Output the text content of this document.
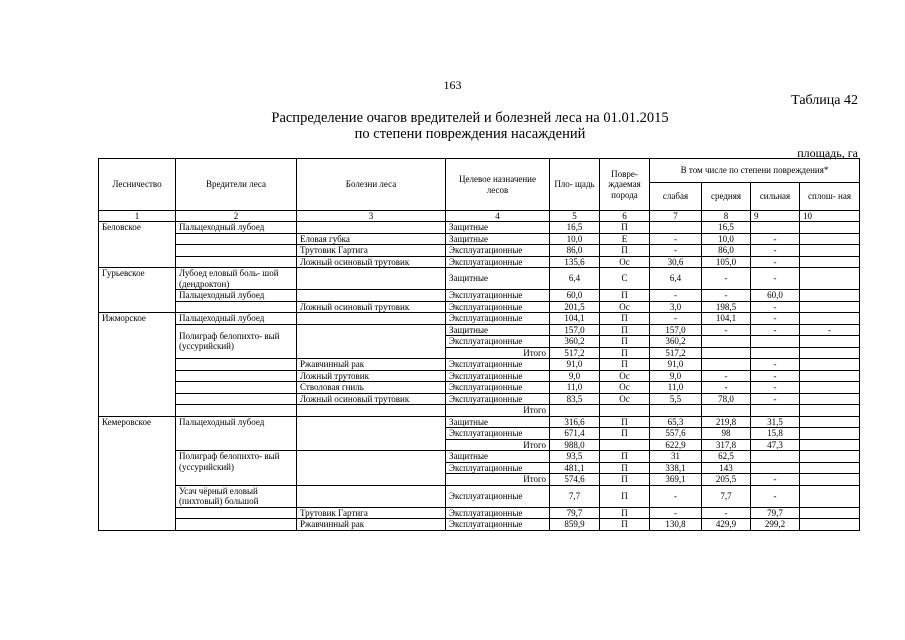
163
Таблица 42
Распределение очагов вредителей и болезней леса на 01.01.2015
по степени повреждения насаждений
площадь, га
Лесничество	Вредители леса	Болезни леса	Целевое назначение лесов	Пло- щадь	Повре- ждаемая порода	В том числе по степени повреждения*			
						слабая	средняя	сильная	сплош- ная
1	2	3	4	5	6	7	8	9	10
Беловское	Пальцеходный лубоед		Защитные	16,5	П		16,5		
		Еловая губка	Защитные	10,0	Е	-	10,0	-	
		Трутовик Гартига	Эксплуатационные	86,0	П	-	86,0	-	
		Ложный осиновый трутовик	Эксплуатационные	135,6	Ос	30,6	105,0	-	
Гурьевское	Лубоед еловый боль- шой (дендроктон)		Защитные	6,4	С	6,4	-	-	
	Пальцеходный лубоед		Эксплуатационные	60,0	П	-	-	60,0	
		Ложный осиновый трутовик	Эксплуатационные	201,5	Ос	3,0	198,5	-	
Ижморское	Пальцеходный лубоед		Эксплуатационные	104,1	П	-	104,1	-	
	Полиграф белопихто- вый (уссурийский)		Защитные	157,0	П	157,0	-	-	-
			Эксплуатационные	360,2	П	360,2			
			Итого	517,2	П	517,2			
		Ржавчинный рак	Эксплуатационные	91,0	П	91,0		-	
		Ложный трутовик	Эксплуатационные	9,0	Ос	9,0	-	-	
		Стволовая гниль	Эксплуатационные	11,0	Ос	11,0	-	-	
		Ложный осиновый трутовик	Эксплуатационные	83,5	Ос	5,5	78,0	-	
			Итого						
Кемеровское	Пальцеходный лубоед		Защитные	316,6	П	65,3	219,8	31,5	
			Эксплуатационные	671,4	П	557,6	98	15,8	
			Итого	988,0		622,9	317,8	47,3	
	Полиграф белопихто- вый (уссурийский)		Защитные	93,5	П	31	62,5		
			Эксплуатационные	481,1	П	338,1	143		
			Итого	574,6	П	369,1	205,5	-	
	Усач чёрный еловый (пихтовый) большой		Эксплуатационные	7,7	П	-	7,7	-	
		Трутовик Гартига	Эксплуатационные	79,7	П	-	-	79,7	
		Ржавчинный рак	Эксплуатационные	859,9	П	130,8	429,9	299,2	
